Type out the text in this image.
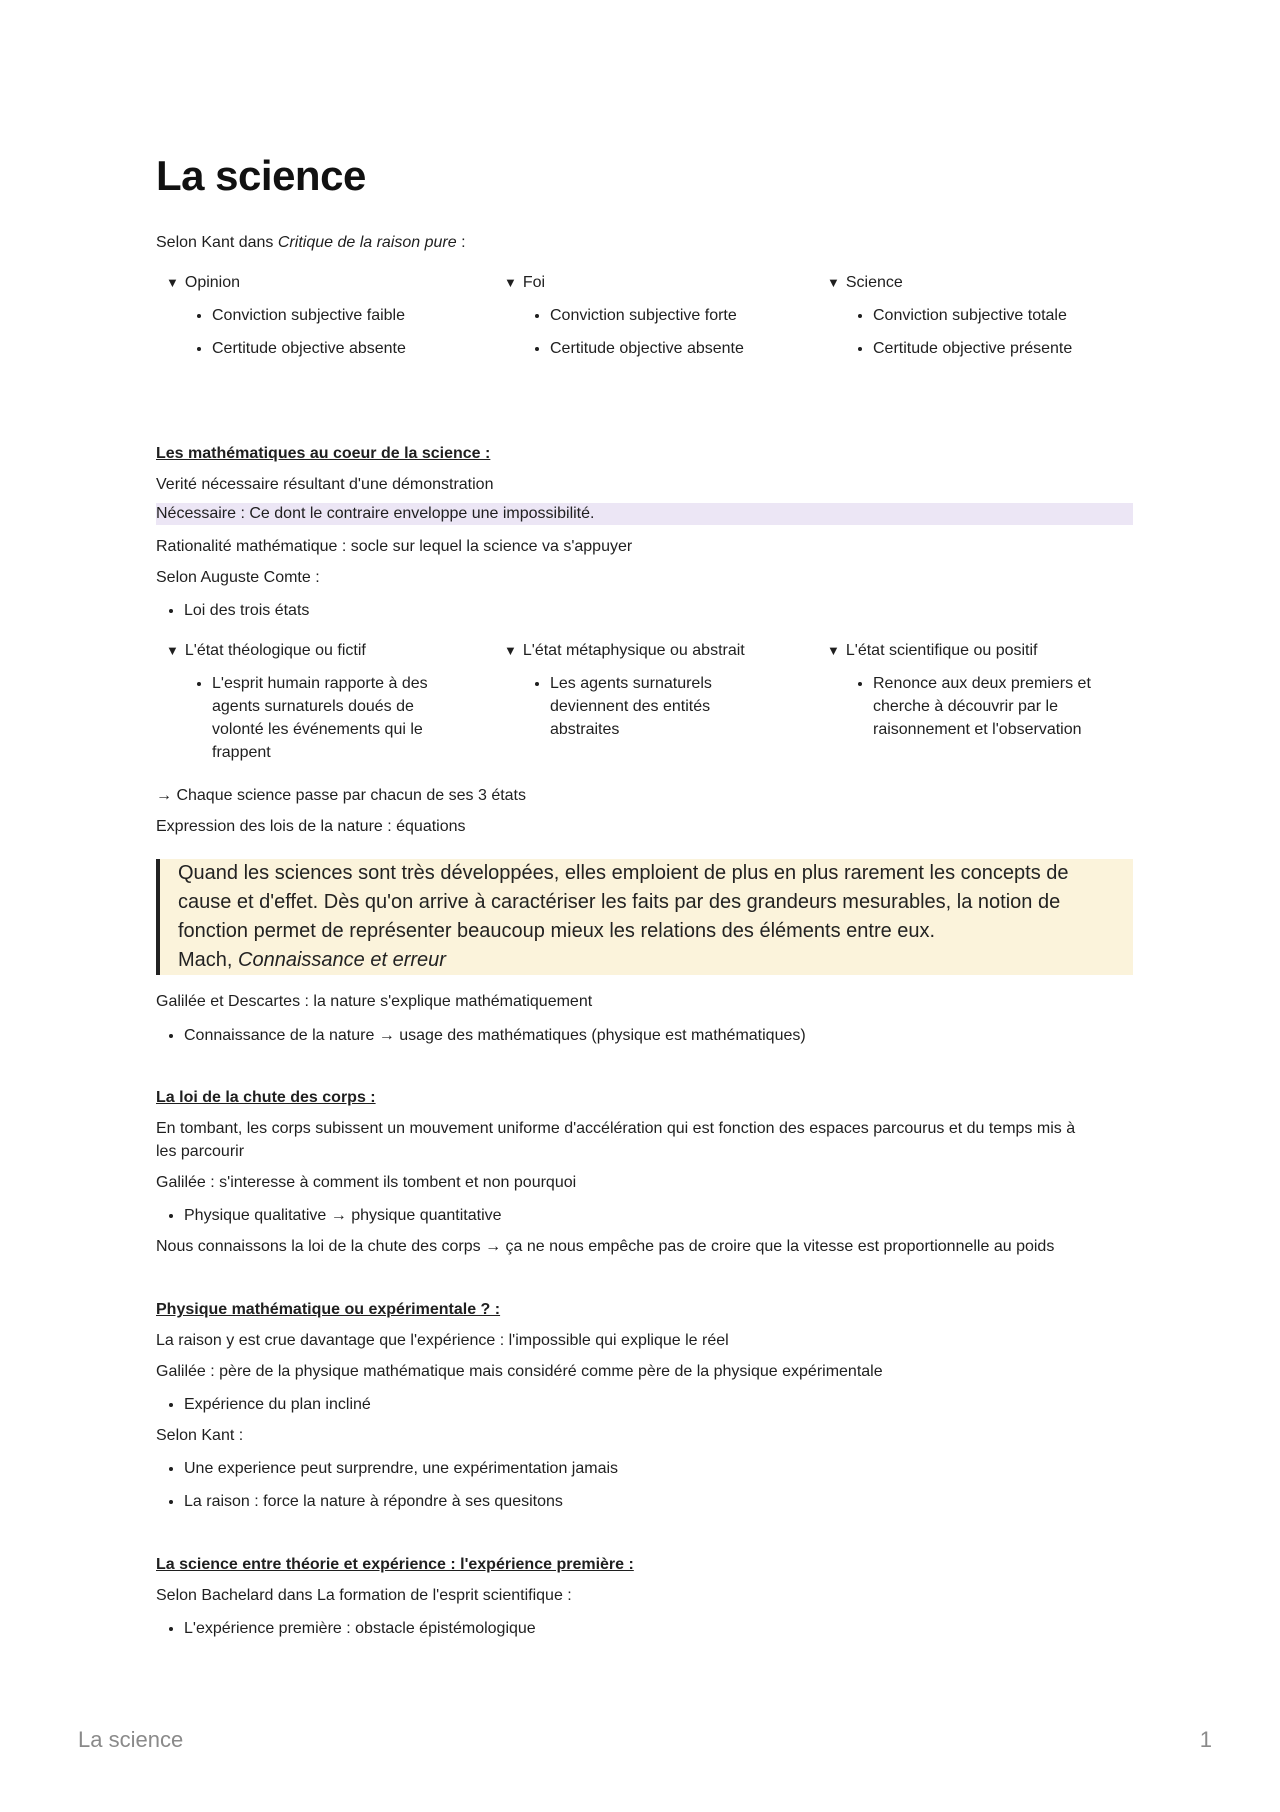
La science

Selon Kant dans Critique de la raison pure :

▼ Opinion
• Conviction subjective faible
• Certitude objective absente
▼ Foi
• Conviction subjective forte
• Certitude objective absente
▼ Science
• Conviction subjective totale
• Certitude objective présente

Les mathématiques au coeur de la science :

Verité nécessaire résultant d'une démonstration

Nécessaire : Ce dont le contraire enveloppe une impossibilité.

Rationalité mathématique : socle sur lequel la science va s'appuyer

Selon Auguste Comte :

• Loi des trois états
▼ L'état théologique ou fictif
• L'esprit humain rapporte à des agents surnaturels doués de volonté les événements qui le frappent
▼ L'état métaphysique ou abstrait
• Les agents surnaturels deviennent des entités abstraites
▼ L'état scientifique ou positif
• Renonce aux deux premiers et cherche à découvrir par le raisonnement et l'observation

→ Chaque science passe par chacun de ses 3 états

Expression des lois de la nature : équations

Quand les sciences sont très développées, elles emploient de plus en plus rarement les concepts de
cause et d'effet. Dès qu'on arrive à caractériser les faits par des grandeurs mesurables, la notion de
fonction permet de représenter beaucoup mieux les relations des éléments entre eux.
Mach, Connaissance et erreur

Galilée et Descartes : la nature s'explique mathématiquement

• Connaissance de la nature → usage des mathématiques (physique est mathématiques)

La loi de la chute des corps :

En tombant, les corps subissent un mouvement uniforme d'accélération qui est fonction des espaces parcourus et du temps mis à

les parcourir

Galilée : s'interesse à comment ils tombent et non pourquoi

• Physique qualitative → physique quantitative

Nous connaissons la loi de la chute des corps → ça ne nous empêche pas de croire que la vitesse est proportionnelle au poids

Physique mathématique ou expérimentale ? :

La raison y est crue davantage que l'expérience : l'impossible qui explique le réel

Galilée : père de la physique mathématique mais considéré comme père de la physique expérimentale

• Expérience du plan incliné

Selon Kant :

• Une experience peut surprendre, une expérimentation jamais
• La raison : force la nature à répondre à ses quesitons

La science entre théorie et expérience : l'expérience première :

Selon Bachelard dans La formation de l'esprit scientifique :

• L'expérience première : obstacle épistémologique
La science	1
